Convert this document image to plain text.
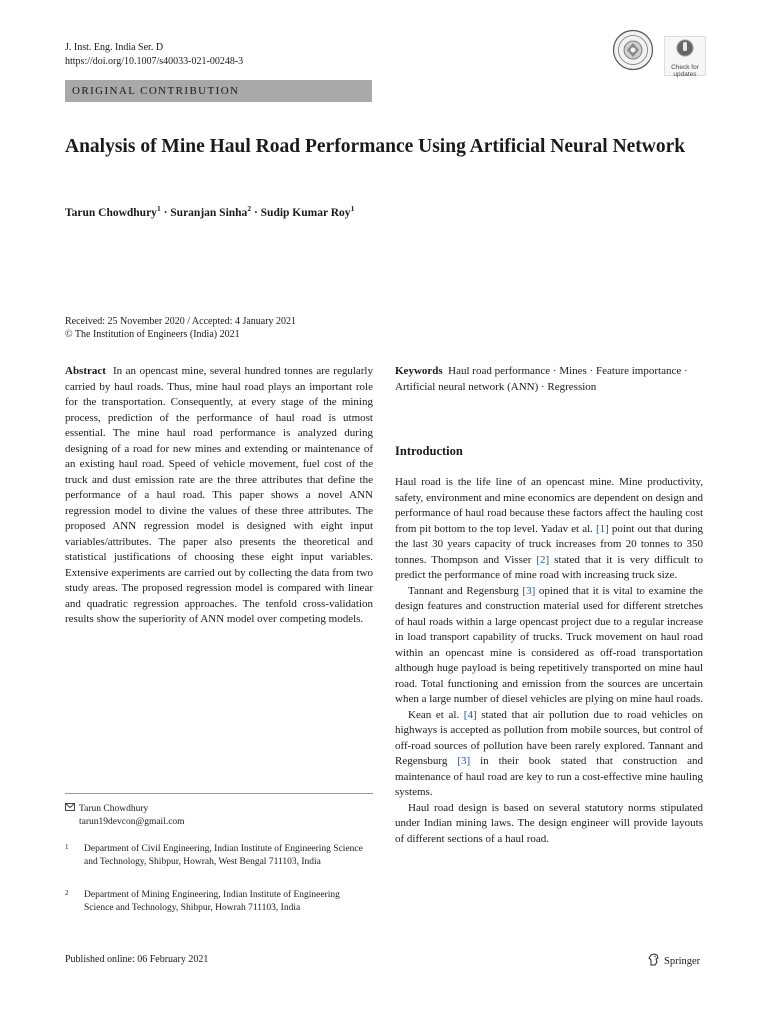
J. Inst. Eng. India Ser. D
https://doi.org/10.1007/s40033-021-00248-3
Check for
updates
ORIGINAL CONTRIBUTION
Analysis of Mine Haul Road Performance Using Artificial Neural Network
Tarun Chowdhury$^1$ · Suranjan Sinha$^2$ · Sudip Kumar Roy$^1$
Received: 25 November 2020 / Accepted: 4 January 2021
© The Institution of Engineers (India) 2021
Abstract In an opencast mine, several hundred tonnes are regularly carried by haul roads. Thus, mine haul road plays an important role for the transportation. Consequently, at every stage of the mining process, prediction of the performance of haul road is utmost essential. The mine haul road performance is analyzed during designing of a road for new mines and extending or maintenance of an existing haul road. Speed of vehicle movement, fuel cost of the truck and dust emission rate are the three attributes that define the performance of a haul road. This paper shows a novel ANN regression model to divine the values of these three attributes. The proposed ANN regression model is designed with eight input variables/attributes. The paper also presents the theoretical and statistical justifications of choosing these eight input variables. Extensive experiments are carried out by collecting the data from two study areas. The proposed regression model is compared with linear and quadratic regression approaches. The tenfold cross-validation results show the superiority of ANN model over competing models.
Keywords Haul road performance · Mines · Feature importance · Artificial neural network (ANN) · Regression
Introduction

Haul road is the life line of an opencast mine. Mine productivity, safety, environment and mine economics are dependent on design and performance of haul road because these factors affect the hauling cost from pit bottom to the top level. Yadav et al. [1] point out that during the last 30 years capacity of truck increases from 20 tonnes to 350 tonnes. Thompson and Visser [2] stated that it is very difficult to predict the performance of mine road with increasing truck size.

Tannant and Regensburg [3] opined that it is vital to examine the design features and construction material used for different stretches of haul roads within a large opencast project due to a regular increase in load transport capability of trucks. Truck movement on haul road within an opencast mine is considered as off-road transportation although huge payload is being repetitively transported on mine haul road. Total functioning and emission from the sources are uncertain when a large number of diesel vehicles are plying on mine haul roads.

Kean et al. [4] stated that air pollution due to road vehicles on highways is accepted as pollution from mobile sources, but control of off-road sources of pollution have been rarely explored. Tannant and Regensburg [3] in their book stated that construction and maintenance of haul road are key to run a cost-effective mine hauling systems.

Haul road design is based on several statutory norms stipulated under Indian mining laws. The design engineer will provide layouts of different sections of a haul road.

Tarun Chowdhury
tarun19devcon@gmail.com
1 Department of Civil Engineering, Indian Institute of Engineering Science and Technology, Shibpur, Howrah, West Bengal 711103, India
2 Department of Mining Engineering, Indian Institute of Engineering Science and Technology, Shibpur, Howrah 711103, India
Published online: 06 February 2021	Springer
